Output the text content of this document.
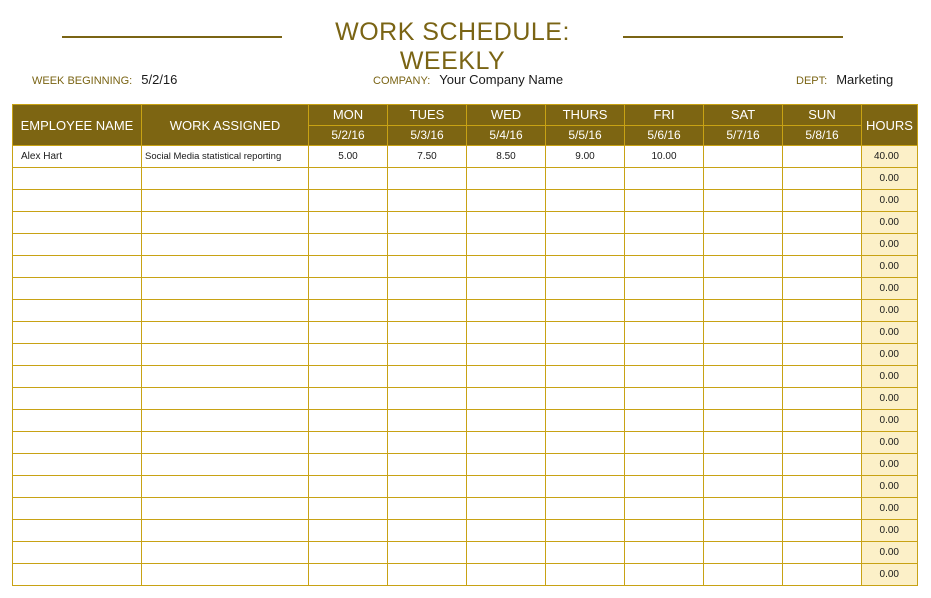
WORK SCHEDULE: WEEKLY
WEEK BEGINNING: 5/2/16	COMPANY: Your Company Name	DEPT: Marketing
EMPLOYEE NAME	WORK ASSIGNED	MON	TUES	WED	THURS	FRI	SAT	SUN	HOURS
		5/2/16	5/3/16	5/4/16	5/5/16	5/6/16	5/7/16	5/8/16	
Alex Hart	Social Media statistical reporting	5.00	7.50	8.50	9.00	10.00			40.00
									0.00
									0.00
									0.00
									0.00
									0.00
									0.00
									0.00
									0.00
									0.00
									0.00
									0.00
									0.00
									0.00
									0.00
									0.00
									0.00
									0.00
									0.00
									0.00
